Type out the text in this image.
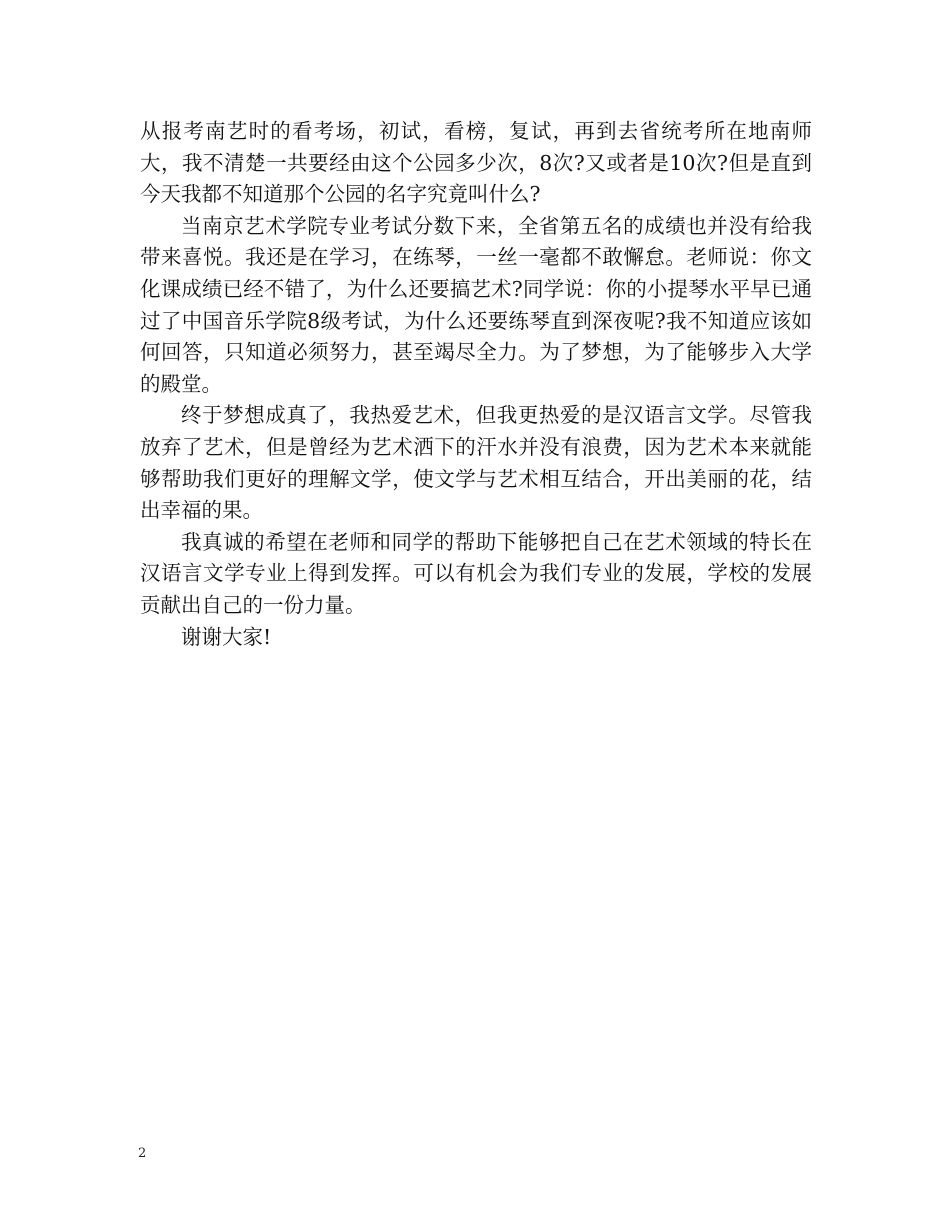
从报考南艺时的看考场，初试，看榜，复试，再到去省统考所在地南师大，我不清楚一共要经由这个公园多少次，8次?又或者是10次?但是直到今天我都不知道那个公园的名字究竟叫什么?

当南京艺术学院专业考试分数下来，全省第五名的成绩也并没有给我带来喜悦。我还是在学习，在练琴，一丝一毫都不敢懈怠。老师说：你文化课成绩已经不错了，为什么还要搞艺术?同学说：你的小提琴水平早已通过了中国音乐学院8级考试，为什么还要练琴直到深夜呢?我不知道应该如何回答，只知道必须努力，甚至竭尽全力。为了梦想，为了能够步入大学的殿堂。

终于梦想成真了，我热爱艺术，但我更热爱的是汉语言文学。尽管我放弃了艺术，但是曾经为艺术洒下的汗水并没有浪费，因为艺术本来就能够帮助我们更好的理解文学，使文学与艺术相互结合，开出美丽的花，结出幸福的果。

我真诚的希望在老师和同学的帮助下能够把自己在艺术领域的特长在汉语言文学专业上得到发挥。可以有机会为我们专业的发展，学校的发展贡献出自己的一份力量。

谢谢大家!

2
